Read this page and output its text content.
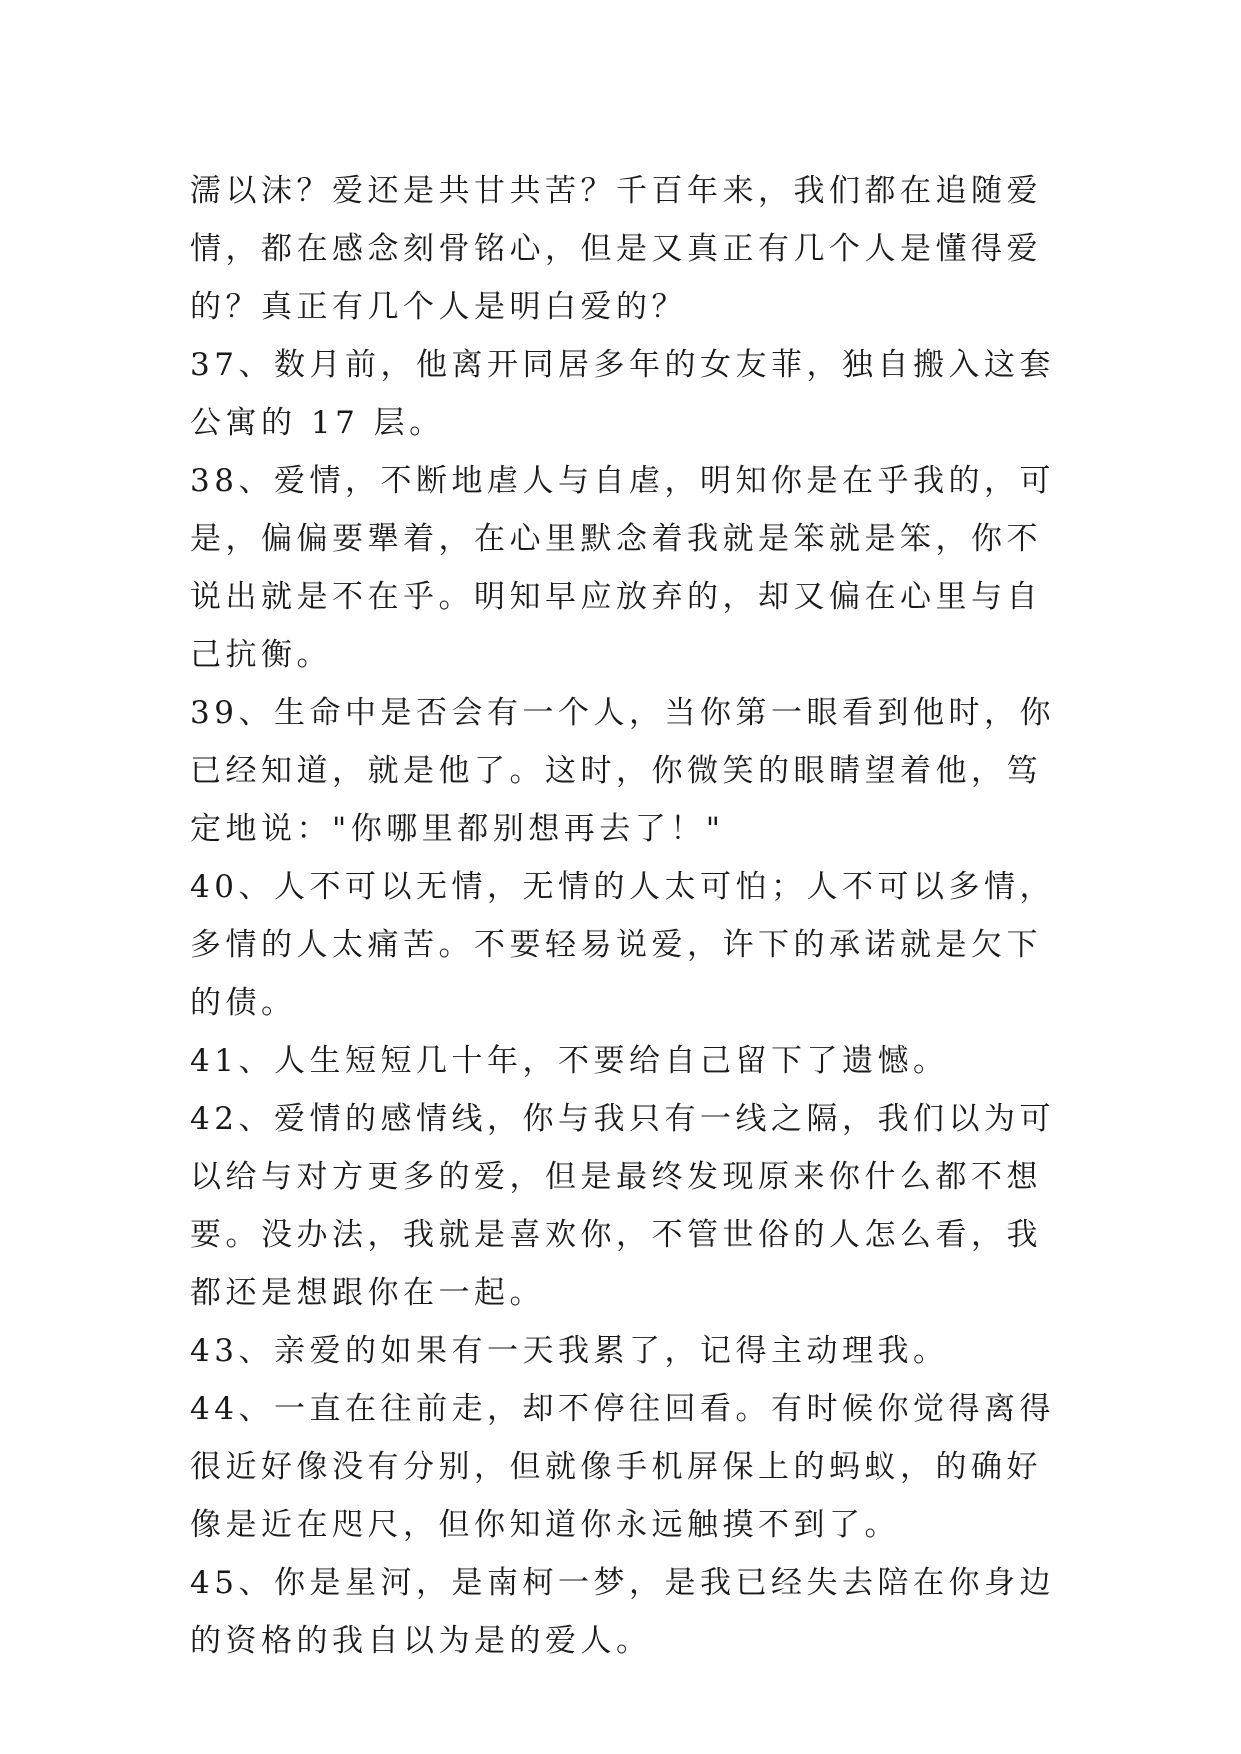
濡以沫？爱还是共甘共苦？千百年来，我们都在追随爱情，都在感念刻骨铭心，但是又真正有几个人是懂得爱的？真正有几个人是明白爱的？

37、数月前，他离开同居多年的女友菲，独自搬入这套公寓的 17 层。

38、爱情，不断地虐人与自虐，明知你是在乎我的，可是，偏偏要犟着，在心里默念着我就是笨就是笨，你不说出就是不在乎。明知早应放弃的，却又偏在心里与自己抗衡。

39、生命中是否会有一个人，当你第一眼看到他时，你已经知道，就是他了。这时，你微笑的眼睛望着他，笃定地说："你哪里都别想再去了！"

40、人不可以无情，无情的人太可怕；人不可以多情，多情的人太痛苦。不要轻易说爱，许下的承诺就是欠下的债。

41、人生短短几十年，不要给自己留下了遗憾。

42、爱情的感情线，你与我只有一线之隔，我们以为可以给与对方更多的爱，但是最终发现原来你什么都不想要。没办法，我就是喜欢你，不管世俗的人怎么看，我都还是想跟你在一起。

43、亲爱的如果有一天我累了，记得主动理我。

44、一直在往前走，却不停往回看。有时候你觉得离得很近好像没有分别，但就像手机屏保上的蚂蚁，的确好像是近在咫尺，但你知道你永远触摸不到了。

45、你是星河，是南柯一梦，是我已经失去陪在你身边的资格的我自以为是的爱人。
